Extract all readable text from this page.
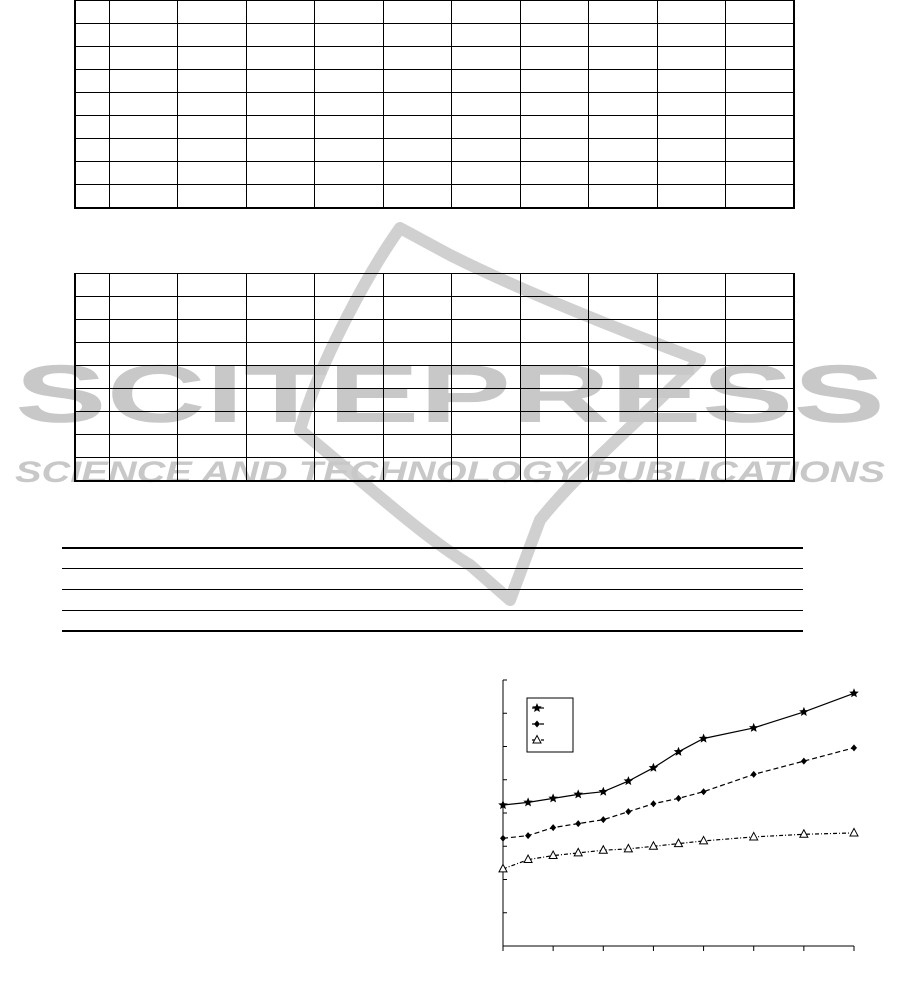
SCITEPRESS
SCIENCE AND TECHNOLOGY PUBLICATIONS
